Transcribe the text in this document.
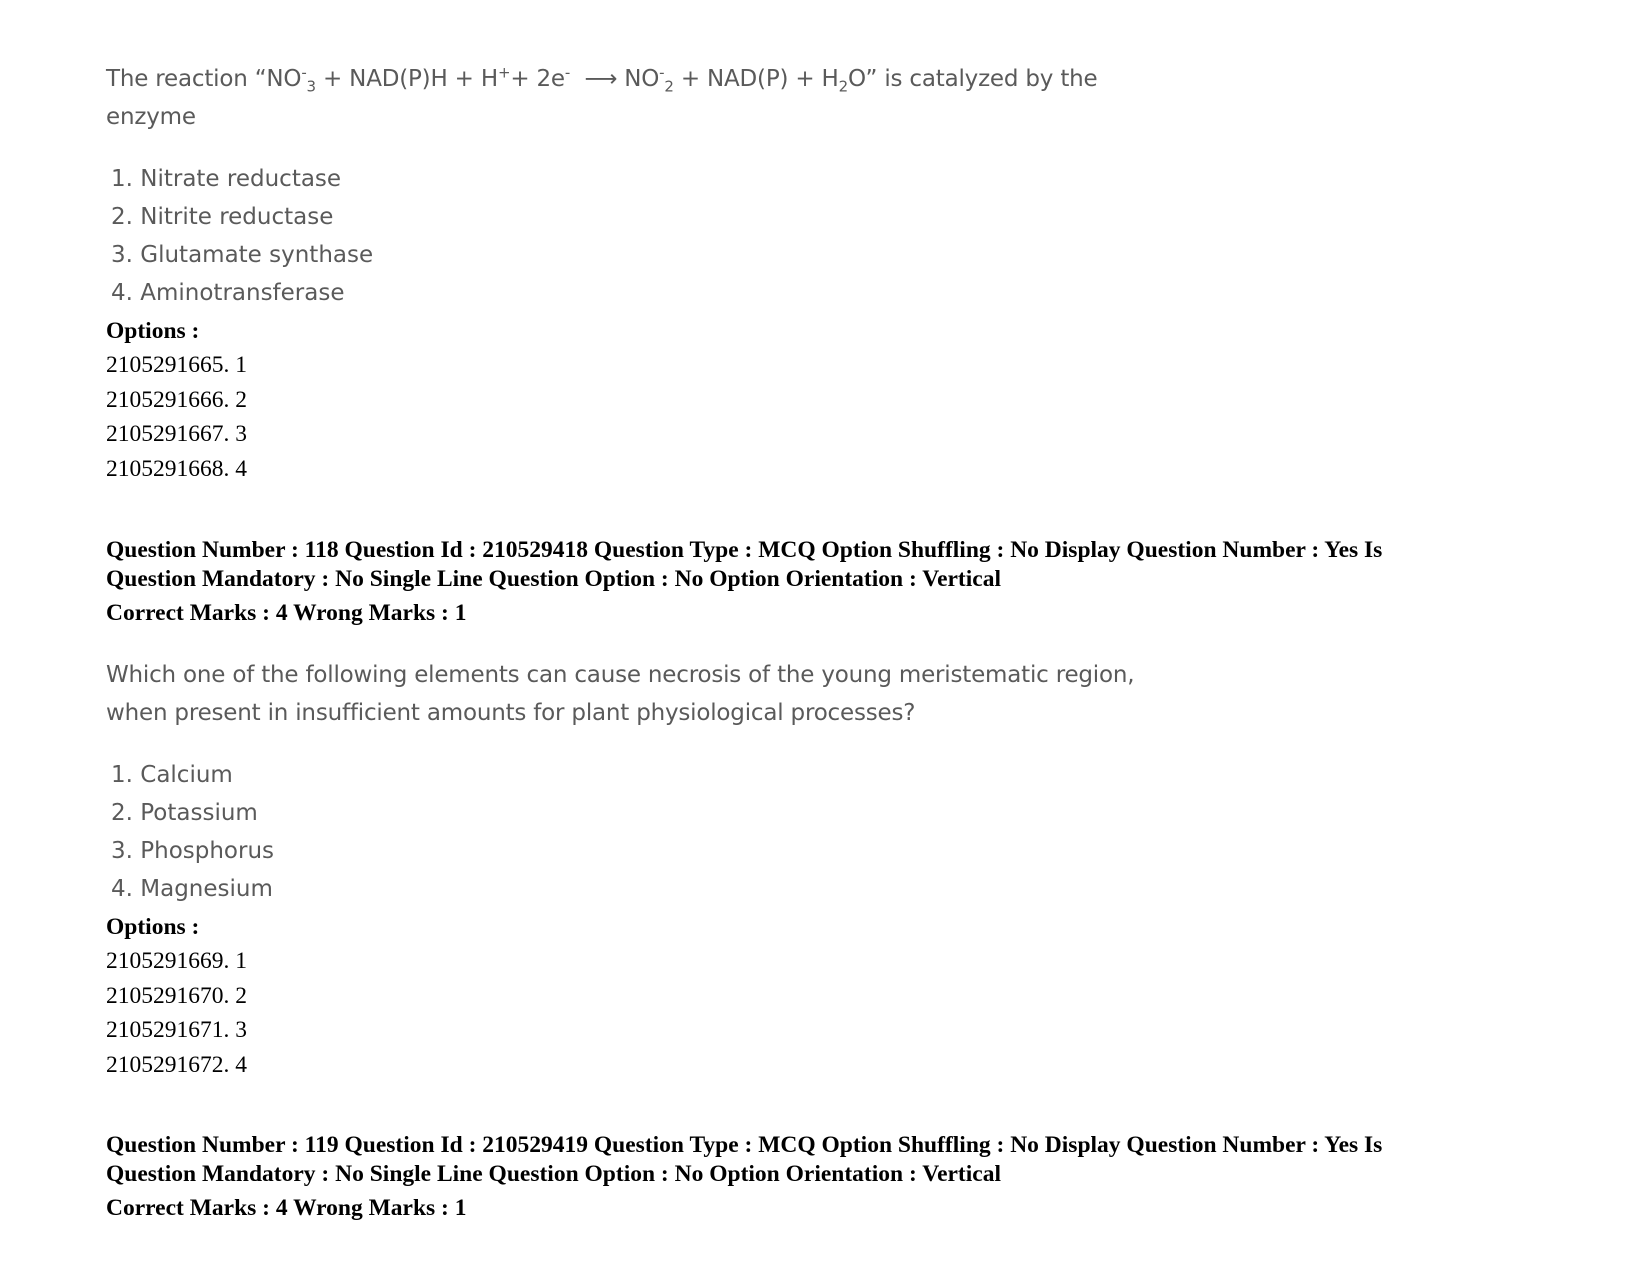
The reaction “$NO^-_3 + NAD(P)H + H^++ 2e^-$  ⟶ $NO^-_2 + NAD(P) + H_2O$” is catalyzed by the
enzyme
1. Nitrate reductase
2. Nitrite reductase
3. Glutamate synthase
4. Aminotransferase
Options :
2105291665. 1
2105291666. 2
2105291667. 3
2105291668. 4
Question Number : 118 Question Id : 210529418 Question Type : MCQ Option Shuffling : No Display Question Number : Yes Is
Question Mandatory : No Single Line Question Option : No Option Orientation : Vertical
Correct Marks : 4 Wrong Marks : 1
Which one of the following elements can cause necrosis of the young meristematic region,
when present in insufficient amounts for plant physiological processes?
1. Calcium
2. Potassium
3. Phosphorus
4. Magnesium
Options :
2105291669. 1
2105291670. 2
2105291671. 3
2105291672. 4
Question Number : 119 Question Id : 210529419 Question Type : MCQ Option Shuffling : No Display Question Number : Yes Is
Question Mandatory : No Single Line Question Option : No Option Orientation : Vertical
Correct Marks : 4 Wrong Marks : 1
